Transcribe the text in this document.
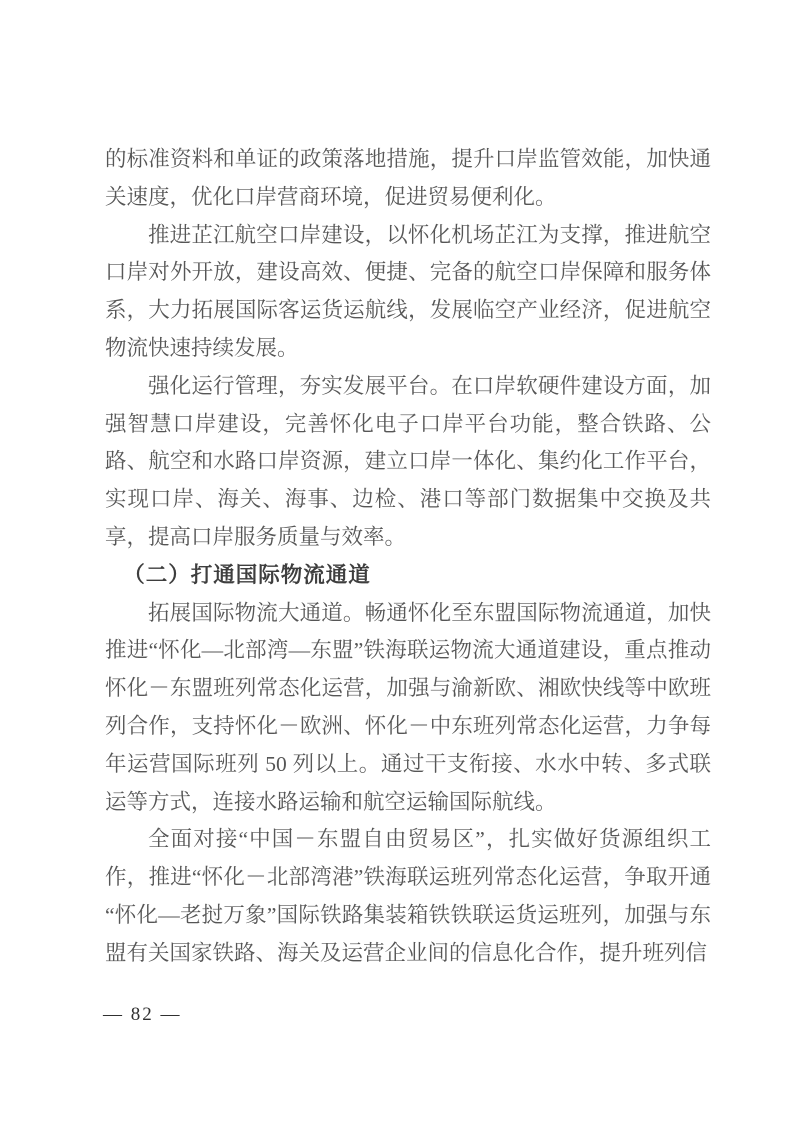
的标准资料和单证的政策落地措施，提升口岸监管效能，加快通关速度，优化口岸营商环境，促进贸易便利化。

推进芷江航空口岸建设，以怀化机场芷江为支撑，推进航空口岸对外开放，建设高效、便捷、完备的航空口岸保障和服务体系，大力拓展国际客运货运航线，发展临空产业经济，促进航空物流快速持续发展。

强化运行管理，夯实发展平台。在口岸软硬件建设方面，加强智慧口岸建设，完善怀化电子口岸平台功能，整合铁路、公路、航空和水路口岸资源，建立口岸一体化、集约化工作平台，实现口岸、海关、海事、边检、港口等部门数据集中交换及共享，提高口岸服务质量与效率。

（二）打通国际物流通道

拓展国际物流大通道。畅通怀化至东盟国际物流通道，加快推进“怀化—北部湾—东盟”铁海联运物流大通道建设，重点推动怀化－东盟班列常态化运营，加强与渝新欧、湘欧快线等中欧班列合作，支持怀化－欧洲、怀化－中东班列常态化运营，力争每年运营国际班列 50 列以上。通过干支衔接、水水中转、多式联运等方式，连接水路运输和航空运输国际航线。

全面对接“中国－东盟自由贸易区”，扎实做好货源组织工作，推进“怀化－北部湾港”铁海联运班列常态化运营，争取开通“怀化—老挝万象”国际铁路集装箱铁铁联运货运班列，加强与东盟有关国家铁路、海关及运营企业间的信息化合作，提升班列信

— 82 —
